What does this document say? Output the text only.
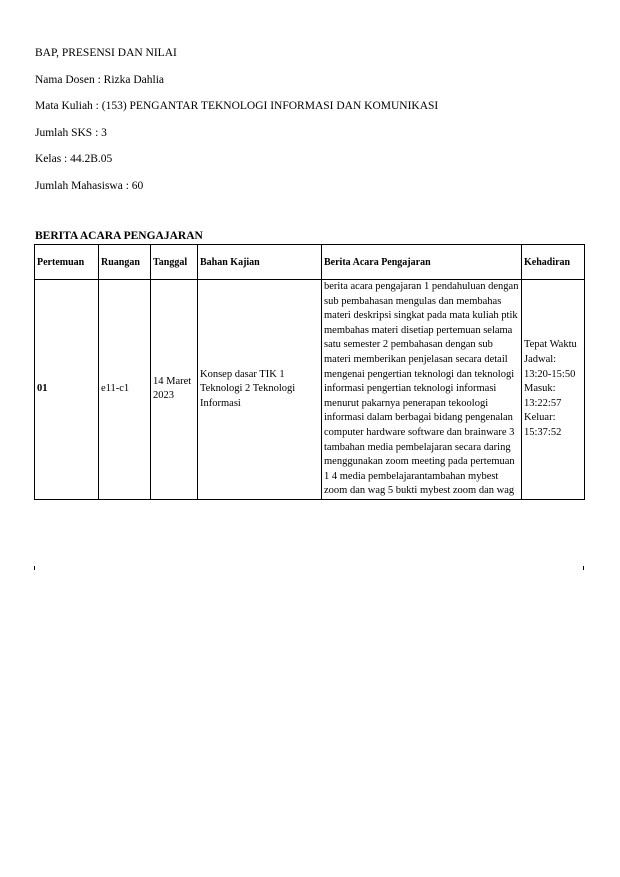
BAP, PRESENSI DAN NILAI
Nama Dosen : Rizka Dahlia
Mata Kuliah : (153) PENGANTAR TEKNOLOGI INFORMASI DAN KOMUNIKASI
Jumlah SKS : 3
Kelas : 44.2B.05
Jumlah Mahasiswa : 60
BERITA ACARA PENGAJARAN
Pertemuan	Ruangan	Tanggal	Bahan Kajian	Berita Acara Pengajaran	Kehadiran
01	e11-c1	14 Maret 2023	Konsep dasar TIK 1 Teknologi 2 Teknologi Informasi	berita acara pengajaran 1 pendahuluan dengan sub pembahasan mengulas dan membahas materi deskripsi singkat pada mata kuliah ptik membahas materi disetiap pertemuan selama satu semester 2 pembahasan dengan sub materi memberikan penjelasan secara detail mengenai pengertian teknologi dan teknologi informasi pengertian teknologi informasi menurut pakarnya penerapan tekoologi informasi dalam berbagai bidang pengenalan computer hardware software dan brainware 3 tambahan media pembelajaran secara daring menggunakan zoom meeting pada pertemuan 1 4 media pembelajarantambahan mybest zoom dan wag 5 bukti mybest zoom dan wag	Tepat Waktu Jadwal: 13:20-15:50 Masuk: 13:22:57 Keluar: 15:37:52
